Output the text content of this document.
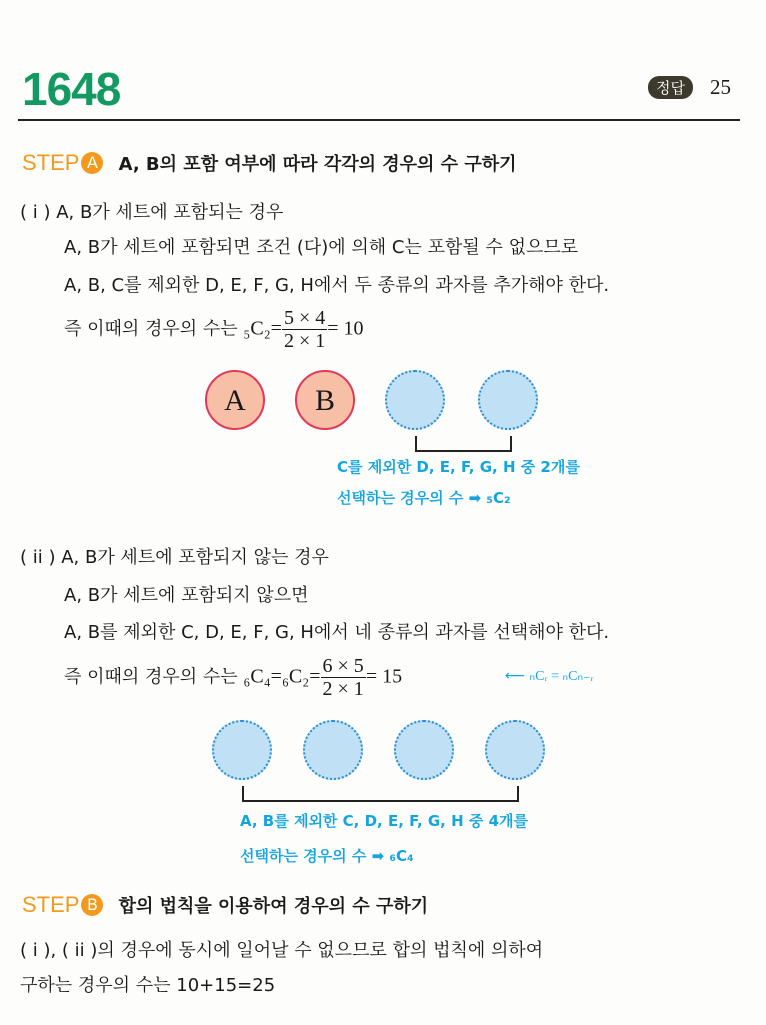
1648	정답	25
STEP A A, B의 포함 여부에 따라 각각의 경우의 수 구하기
( i ) A, B가 세트에 포함되는 경우
A, B가 세트에 포함되면 조건 (다)에 의해 C는 포함될 수 없으므로
A, B, C를 제외한 D, E, F, G, H에서 두 종류의 과자를 추가해야 한다.
즉 이때의 경우의 수는 $_5C_2= \frac{5 \times 4}{2 \times 1} = 10$
A	B
C를 제외한 D, E, F, G, H 중 2개를
선택하는 경우의 수 ➡ ₅C₂
( ii ) A, B가 세트에 포함되지 않는 경우
A, B가 세트에 포함되지 않으면
A, B를 제외한 C, D, E, F, G, H에서 네 종류의 과자를 선택해야 한다.
즉 이때의 경우의 수는 $_6C_4=_6C_2= \frac{6 \times 5}{2 \times 1} = 15$	⟵ ₙCᵣ = ₙCₙ₋ᵣ
A, B를 제외한 C, D, E, F, G, H 중 4개를
선택하는 경우의 수 ➡ ₆C₄
STEP B 합의 법칙을 이용하여 경우의 수 구하기
( i ), ( ii )의 경우에 동시에 일어날 수 없으므로 합의 법칙에 의하여
구하는 경우의 수는 10+15=25
